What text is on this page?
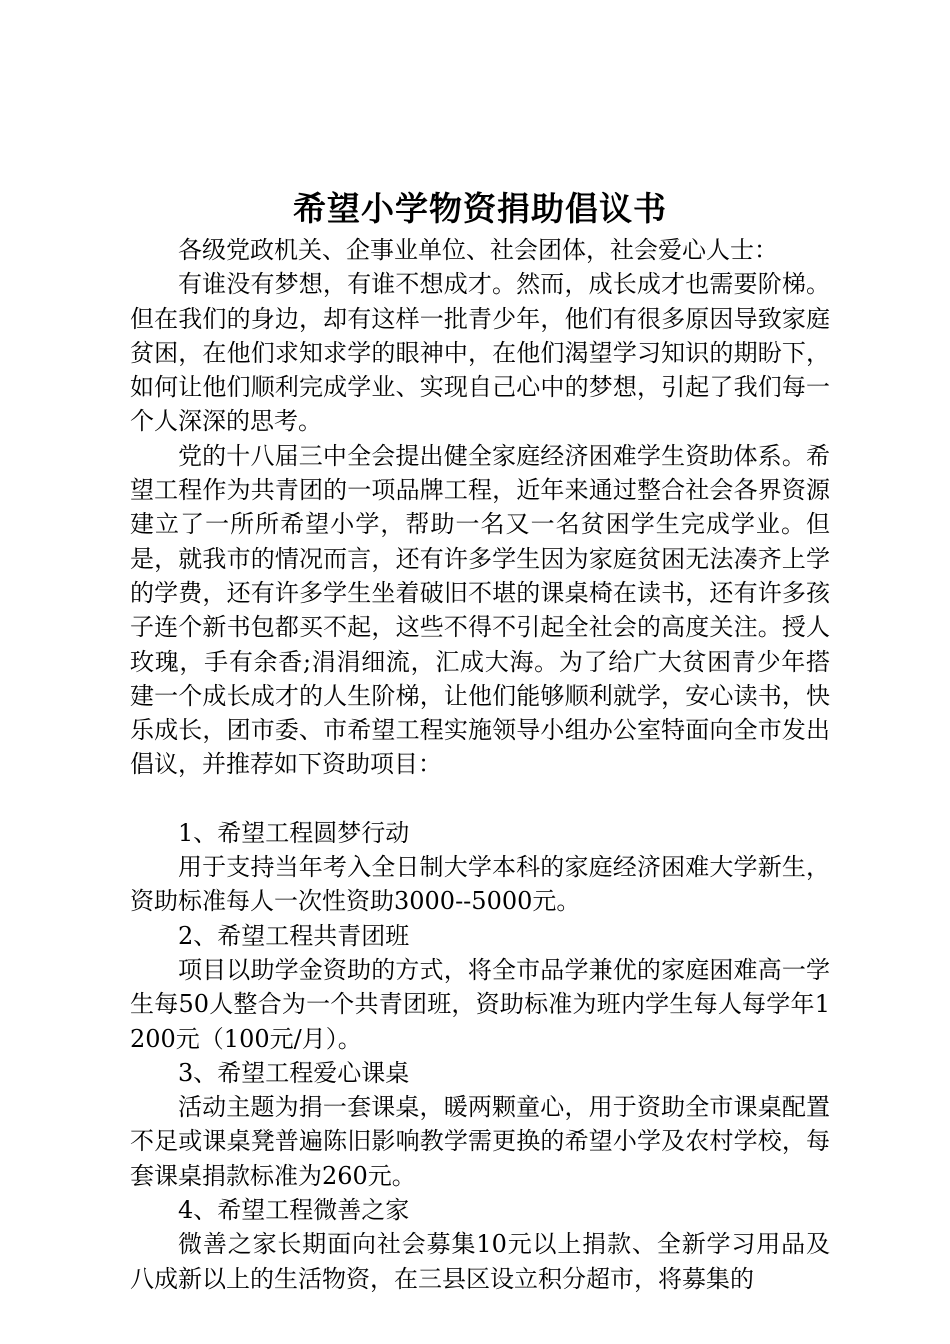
希望小学物资捐助倡议书

各级党政机关、企事业单位、社会团体，社会爱心人士：

有谁没有梦想，有谁不想成才。然而，成长成才也需要阶梯。但在我们的身边，却有这样一批青少年，他们有很多原因导致家庭贫困，在他们求知求学的眼神中，在他们渴望学习知识的期盼下，如何让他们顺利完成学业、实现自己心中的梦想，引起了我们每一个人深深的思考。

党的十八届三中全会提出健全家庭经济困难学生资助体系。希望工程作为共青团的一项品牌工程，近年来通过整合社会各界资源建立了一所所希望小学，帮助一名又一名贫困学生完成学业。但是，就我市的情况而言，还有许多学生因为家庭贫困无法凑齐上学的学费，还有许多学生坐着破旧不堪的课桌椅在读书，还有许多孩子连个新书包都买不起，这些不得不引起全社会的高度关注。授人玫瑰，手有余香;涓涓细流，汇成大海。为了给广大贫困青少年搭建一个成长成才的人生阶梯，让他们能够顺利就学，安心读书，快乐成长，团市委、市希望工程实施领导小组办公室特面向全市发出倡议，并推荐如下资助项目：

1、希望工程圆梦行动

用于支持当年考入全日制大学本科的家庭经济困难大学新生，资助标准每人一次性资助3000--5000元。

2、希望工程共青团班

项目以助学金资助的方式，将全市品学兼优的家庭困难高一学生每50人整合为一个共青团班，资助标准为班内学生每人每学年1200元（100元/月）。

3、希望工程爱心课桌

活动主题为捐一套课桌，暖两颗童心，用于资助全市课桌配置不足或课桌凳普遍陈旧影响教学需更换的希望小学及农村学校，每套课桌捐款标准为260元。

4、希望工程微善之家

微善之家长期面向社会募集10元以上捐款、全新学习用品及八成新以上的生活物资，在三县区设立积分超市，将募集的
